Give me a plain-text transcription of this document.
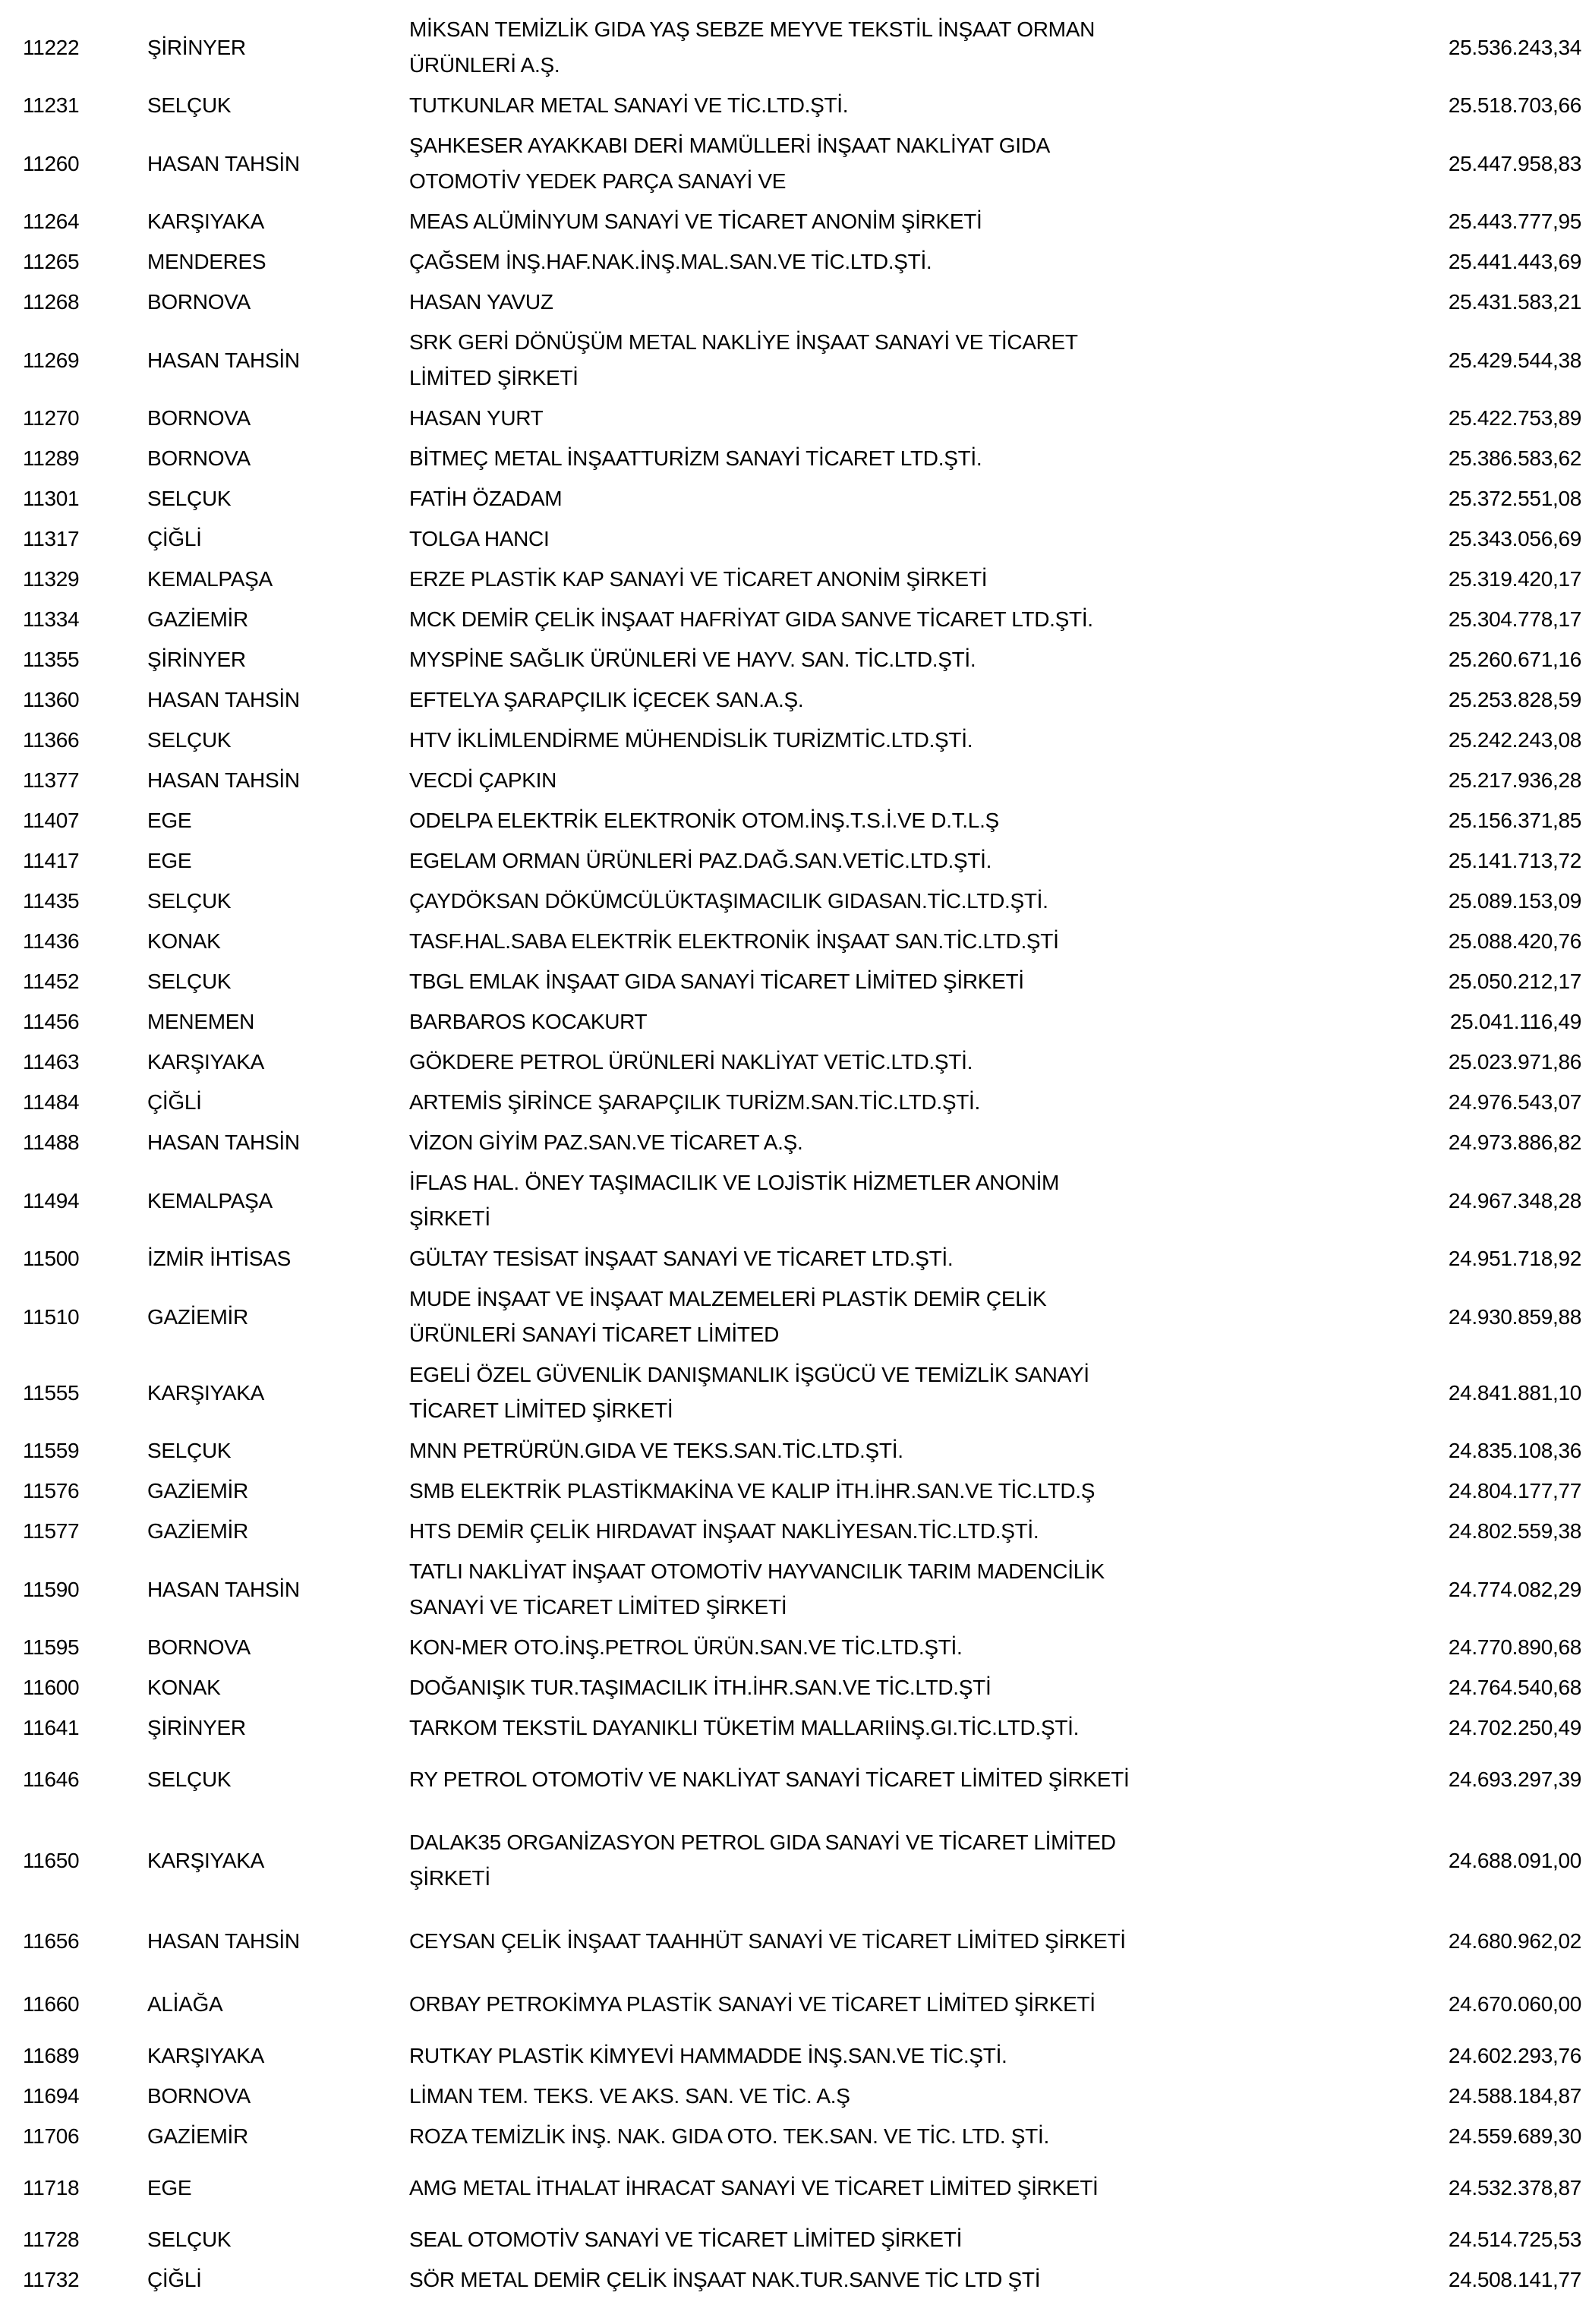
11222	ŞİRİNYER	MİKSAN TEMİZLİK GIDA YAŞ SEBZE MEYVE TEKSTİL İNŞAAT ORMAN
ÜRÜNLERİ A.Ş.	25.536.243,34
11231	SELÇUK	TUTKUNLAR METAL SANAYİ VE TİC.LTD.ŞTİ.	25.518.703,66
11260	HASAN TAHSİN	ŞAHKESER AYAKKABI DERİ MAMÜLLERİ İNŞAAT NAKLİYAT GIDA
OTOMOTİV YEDEK PARÇA SANAYİ VE	25.447.958,83
11264	KARŞIYAKA	MEAS ALÜMİNYUM SANAYİ VE TİCARET ANONİM ŞİRKETİ	25.443.777,95
11265	MENDERES	ÇAĞSEM İNŞ.HAF.NAK.İNŞ.MAL.SAN.VE TİC.LTD.ŞTİ.	25.441.443,69
11268	BORNOVA	HASAN YAVUZ	25.431.583,21
11269	HASAN TAHSİN	SRK GERİ DÖNÜŞÜM METAL NAKLİYE İNŞAAT SANAYİ VE TİCARET
LİMİTED ŞİRKETİ	25.429.544,38
11270	BORNOVA	HASAN YURT	25.422.753,89
11289	BORNOVA	BİTMEÇ METAL İNŞAATTURİZM SANAYİ TİCARET LTD.ŞTİ.	25.386.583,62
11301	SELÇUK	FATİH ÖZADAM	25.372.551,08
11317	ÇİĞLİ	TOLGA HANCI	25.343.056,69
11329	KEMALPAŞA	ERZE PLASTİK KAP SANAYİ VE TİCARET ANONİM ŞİRKETİ	25.319.420,17
11334	GAZİEMİR	MCK DEMİR ÇELİK İNŞAAT HAFRİYAT GIDA SANVE TİCARET LTD.ŞTİ.	25.304.778,17
11355	ŞİRİNYER	MYSPİNE SAĞLIK ÜRÜNLERİ VE HAYV. SAN. TİC.LTD.ŞTİ.	25.260.671,16
11360	HASAN TAHSİN	EFTELYA ŞARAPÇILIK İÇECEK SAN.A.Ş.	25.253.828,59
11366	SELÇUK	HTV İKLİMLENDİRME MÜHENDİSLİK TURİZMTİC.LTD.ŞTİ.	25.242.243,08
11377	HASAN TAHSİN	VECDİ ÇAPKIN	25.217.936,28
11407	EGE	ODELPA ELEKTRİK ELEKTRONİK OTOM.İNŞ.T.S.İ.VE D.T.L.Ş	25.156.371,85
11417	EGE	EGELAM ORMAN ÜRÜNLERİ PAZ.DAĞ.SAN.VETİC.LTD.ŞTİ.	25.141.713,72
11435	SELÇUK	ÇAYDÖKSAN DÖKÜMCÜLÜKTAŞIMACILIK GIDASAN.TİC.LTD.ŞTİ.	25.089.153,09
11436	KONAK	TASF.HAL.SABA ELEKTRİK ELEKTRONİK İNŞAAT SAN.TİC.LTD.ŞTİ	25.088.420,76
11452	SELÇUK	TBGL EMLAK İNŞAAT GIDA SANAYİ TİCARET LİMİTED ŞİRKETİ	25.050.212,17
11456	MENEMEN	BARBAROS KOCAKURT	25.041.116,49
11463	KARŞIYAKA	GÖKDERE PETROL ÜRÜNLERİ NAKLİYAT VETİC.LTD.ŞTİ.	25.023.971,86
11484	ÇİĞLİ	ARTEMİS ŞİRİNCE ŞARAPÇILIK TURİZM.SAN.TİC.LTD.ŞTİ.	24.976.543,07
11488	HASAN TAHSİN	VİZON GİYİM PAZ.SAN.VE TİCARET A.Ş.	24.973.886,82
11494	KEMALPAŞA	İFLAS HAL. ÖNEY TAŞIMACILIK VE LOJİSTİK HİZMETLER ANONİM
ŞİRKETİ	24.967.348,28
11500	İZMİR İHTİSAS	GÜLTAY TESİSAT İNŞAAT SANAYİ VE TİCARET LTD.ŞTİ.	24.951.718,92
11510	GAZİEMİR	MUDE İNŞAAT VE İNŞAAT MALZEMELERİ PLASTİK DEMİR ÇELİK
ÜRÜNLERİ SANAYİ TİCARET LİMİTED	24.930.859,88
11555	KARŞIYAKA	EGELİ ÖZEL GÜVENLİK DANIŞMANLIK İŞGÜCÜ VE TEMİZLİK SANAYİ
TİCARET LİMİTED ŞİRKETİ	24.841.881,10
11559	SELÇUK	MNN PETRÜRÜN.GIDA VE TEKS.SAN.TİC.LTD.ŞTİ.	24.835.108,36
11576	GAZİEMİR	SMB ELEKTRİK PLASTİKMAKİNA VE KALIP İTH.İHR.SAN.VE TİC.LTD.Ş	24.804.177,77
11577	GAZİEMİR	HTS DEMİR ÇELİK HIRDAVAT İNŞAAT NAKLİYESAN.TİC.LTD.ŞTİ.	24.802.559,38
11590	HASAN TAHSİN	TATLI NAKLİYAT İNŞAAT OTOMOTİV HAYVANCILIK TARIM MADENCİLİK
SANAYİ VE TİCARET LİMİTED ŞİRKETİ	24.774.082,29
11595	BORNOVA	KON-MER OTO.İNŞ.PETROL ÜRÜN.SAN.VE TİC.LTD.ŞTİ.	24.770.890,68
11600	KONAK	DOĞANIŞIK TUR.TAŞIMACILIK İTH.İHR.SAN.VE TİC.LTD.ŞTİ	24.764.540,68
11641	ŞİRİNYER	TARKOM TEKSTİL DAYANIKLI TÜKETİM MALLARIİNŞ.GI.TİC.LTD.ŞTİ.	24.702.250,49
11646	SELÇUK	RY PETROL OTOMOTİV VE NAKLİYAT SANAYİ TİCARET LİMİTED ŞİRKETİ	24.693.297,39
11650	KARŞIYAKA	DALAK35 ORGANİZASYON PETROL GIDA SANAYİ VE TİCARET LİMİTED
ŞİRKETİ	24.688.091,00
11656	HASAN TAHSİN	CEYSAN ÇELİK İNŞAAT TAAHHÜT SANAYİ VE TİCARET LİMİTED ŞİRKETİ	24.680.962,02
11660	ALİAĞA	ORBAY PETROKİMYA PLASTİK SANAYİ VE TİCARET LİMİTED ŞİRKETİ	24.670.060,00
11689	KARŞIYAKA	RUTKAY PLASTİK KİMYEVİ HAMMADDE İNŞ.SAN.VE TİC.ŞTİ.	24.602.293,76
11694	BORNOVA	LİMAN TEM. TEKS. VE AKS. SAN. VE TİC. A.Ş	24.588.184,87
11706	GAZİEMİR	ROZA TEMİZLİK İNŞ. NAK. GIDA OTO. TEK.SAN. VE TİC. LTD. ŞTİ.	24.559.689,30
11718	EGE	AMG METAL İTHALAT İHRACAT SANAYİ VE TİCARET LİMİTED ŞİRKETİ	24.532.378,87
11728	SELÇUK	SEAL OTOMOTİV SANAYİ VE TİCARET LİMİTED ŞİRKETİ	24.514.725,53
11732	ÇİĞLİ	SÖR METAL DEMİR ÇELİK İNŞAAT NAK.TUR.SANVE TİC LTD ŞTİ	24.508.141,77
